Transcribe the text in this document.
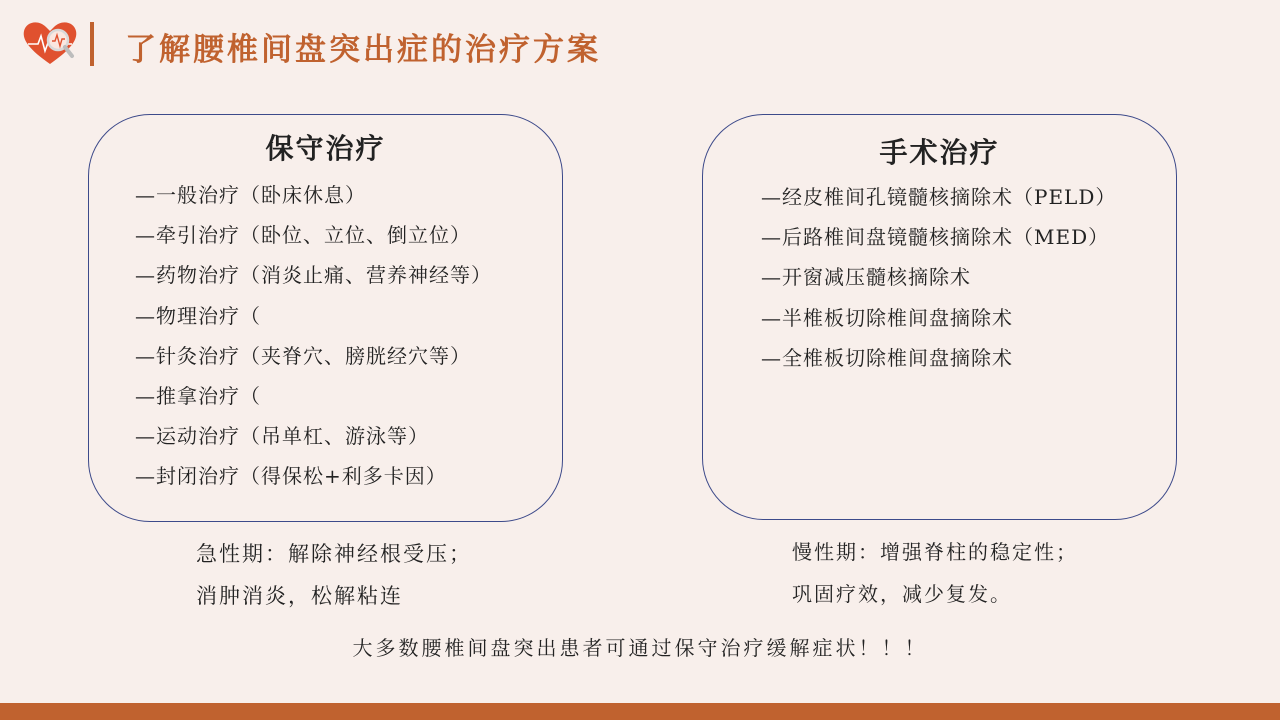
了解腰椎间盘突出症的治疗方案
保守治疗
—一般治疗（卧床休息）
—牵引治疗（卧位、立位、倒立位）
—药物治疗（消炎止痛、营养神经等）
—物理治疗（
—针灸治疗（夹脊穴、膀胱经穴等）
—推拿治疗（
—运动治疗（吊单杠、游泳等）
—封闭治疗（得保松+利多卡因）
手术治疗
—经皮椎间孔镜髓核摘除术（PELD）
—后路椎间盘镜髓核摘除术（MED）
—开窗减压髓核摘除术
—半椎板切除椎间盘摘除术
—全椎板切除椎间盘摘除术
急性期：解除神经根受压；
消肿消炎，松解粘连
慢性期：增强脊柱的稳定性；
巩固疗效，减少复发。
大多数腰椎间盘突出患者可通过保守治疗缓解症状！！！
